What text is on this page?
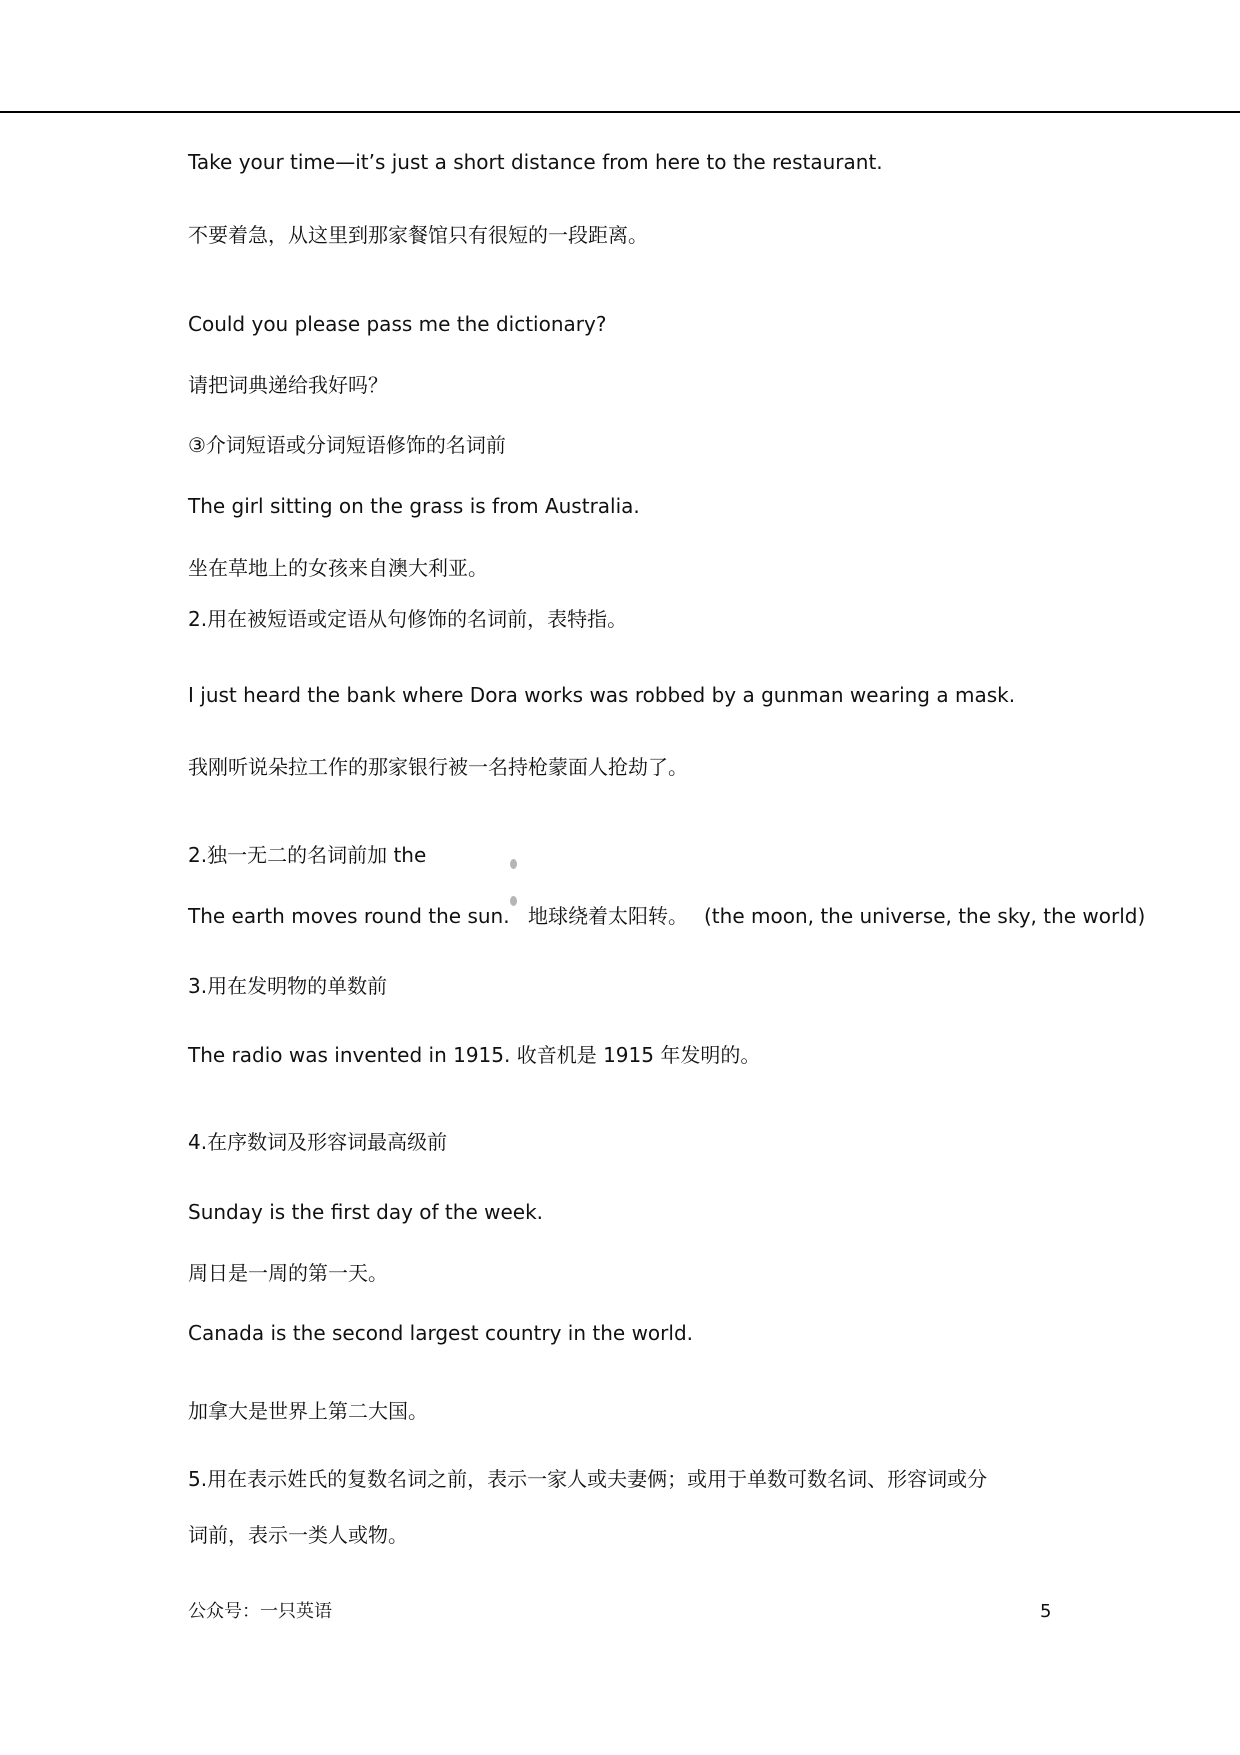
Take your time—it’s just a short distance from here to the restaurant.
不要着急，从这里到那家餐馆只有很短的一段距离。
Could you please pass me the dictionary?
请把词典递给我好吗？
③介词短语或分词短语修饰的名词前
The girl sitting on the grass is from Australia.
坐在草地上的女孩来自澳大利亚。
2.用在被短语或定语从句修饰的名词前，表特指。
I just heard the bank where Dora works was robbed by a gunman wearing a mask.
我刚听说朵拉工作的那家银行被一名持枪蒙面人抢劫了。
2.独一无二的名词前加 the
The earth moves round the sun. 地球绕着太阳转。 (the moon, the universe, the sky, the world)
3.用在发明物的单数前
The radio was invented in 1915. 收音机是 1915 年发明的。
4.在序数词及形容词最高级前
Sunday is the first day of the week.
周日是一周的第一天。
Canada is the second largest country in the world.
加拿大是世界上第二大国。
5.用在表示姓氏的复数名词之前，表示一家人或夫妻俩；或用于单数可数名词、形容词或分
词前，表示一类人或物。
公众号：一只英语	5
